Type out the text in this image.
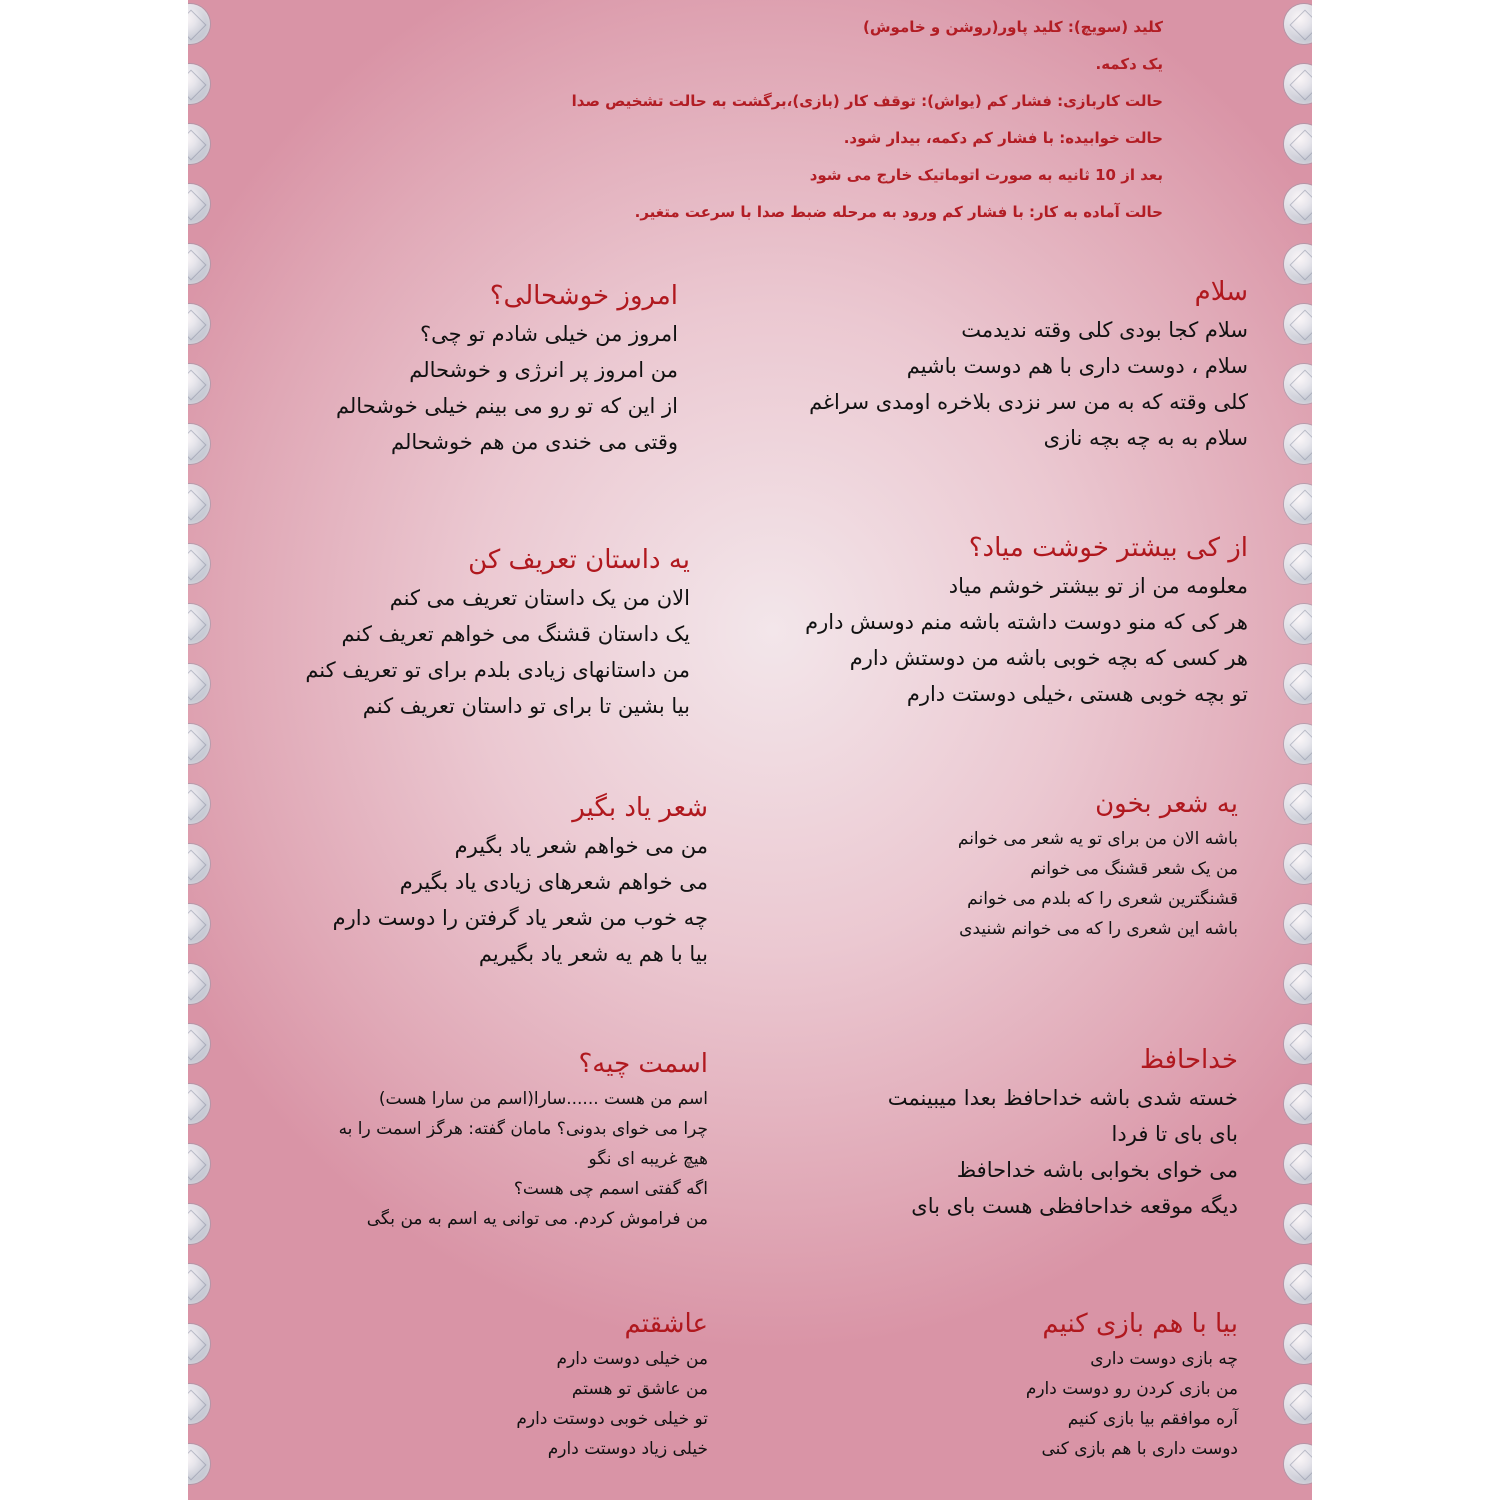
کلید (سویچ): کلید پاور(روشن و خاموش)
یک دکمه.
حالت کاربازی: فشار کم (یواش): توقف کار (بازی)،برگشت به حالت تشخیص صدا
حالت خوابیده: با فشار کم دکمه، بیدار شود.
بعد از 10 ثانیه به صورت اتوماتیک خارج می شود
حالت آماده به کار: با فشار کم ورود به مرحله ضبط صدا با سرعت متغیر.
سلام
سلام کجا بودی کلی وقته ندیدمت
سلام ، دوست داری با هم دوست باشیم
کلی وقته که به من سر نزدی بلاخره اومدی سراغم
سلام به به چه بچه نازی
امروز خوشحالی؟
امروز من خیلی شادم تو چی؟
من امروز پر انرژی و خوشحالم
از این که تو رو می بینم خیلی خوشحالم
وقتی می خندی من هم خوشحالم
از کی بیشتر خوشت میاد؟
معلومه من از تو بیشتر خوشم میاد
هر کی که منو دوست داشته باشه منم دوسش دارم
هر کسی که بچه خوبی باشه من دوستش دارم
تو بچه خوبی هستی ،خیلی دوستت دارم
یه داستان تعریف کن
الان من یک داستان تعریف می کنم
یک داستان قشنگ می خواهم تعریف کنم
من داستانهای زیادی بلدم برای تو تعریف کنم
بیا بشین تا برای تو داستان تعریف کنم
یه شعر بخون
باشه الان من برای تو یه شعر می خوانم
من یک شعر قشنگ می خوانم
قشنگترین شعری را که بلدم می خوانم
باشه این شعری را که می خوانم شنیدی
شعر یاد بگیر
من می خواهم شعر یاد بگیرم
می خواهم شعرهای زیادی یاد بگیرم
چه خوب من شعر یاد گرفتن را دوست دارم
بیا با هم یه شعر یاد بگیریم
خداحافظ
خسته شدی باشه خداحافظ بعدا میبینمت
بای بای تا فردا
می خوای بخوابی باشه خداحافظ
دیگه موقعه خداحافظی هست بای بای
اسمت چیه؟
اسم من هست ......سارا(اسم من سارا هست)
چرا می خوای بدونی؟ مامان گفته: هرگز اسمت را به
هیچ غریبه ای نگو
اگه گفتی اسمم چی هست؟
من فراموش کردم. می توانی یه اسم به من بگی
بیا با هم بازی کنیم
چه بازی دوست داری
من بازی کردن رو دوست دارم
آره موافقم بیا بازی کنیم
دوست داری با هم بازی کنی
عاشقتم
من خیلی دوست دارم
من عاشق تو هستم
تو خیلی خوبی دوستت دارم
خیلی زیاد دوستت دارم
